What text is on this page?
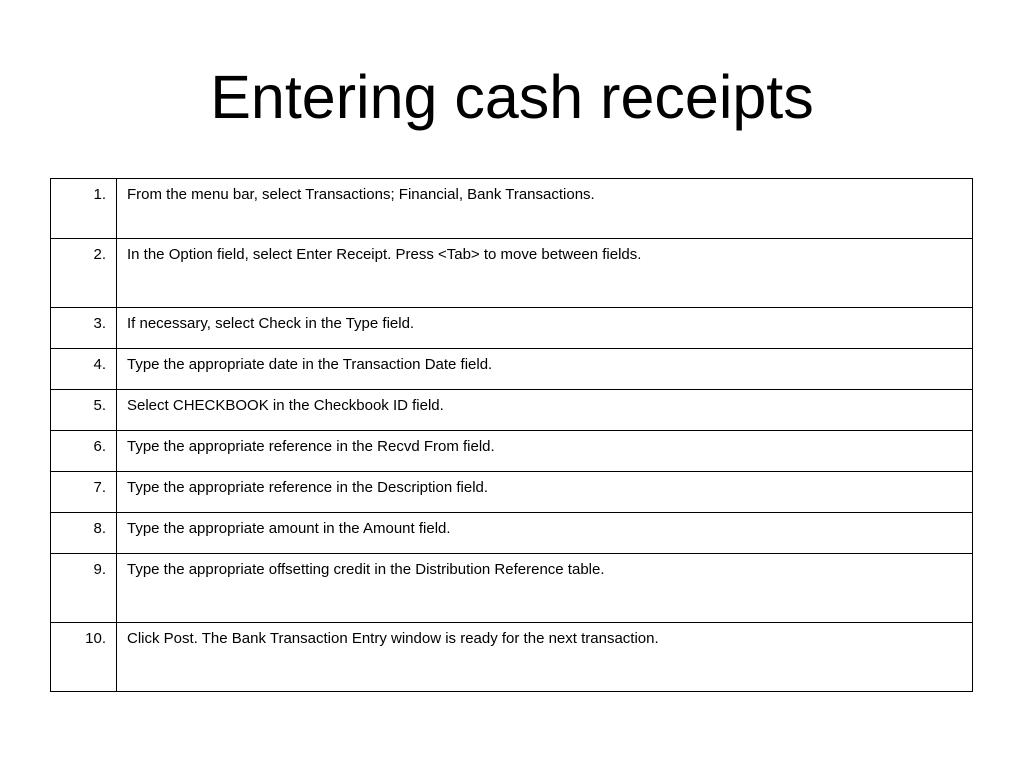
Entering cash receipts
1.	From the menu bar, select Transactions; Financial, Bank Transactions.

2.	In the Option field, select Enter Receipt. Press <Tab> to move between fields.

3.	If necessary, select Check in the Type field.

4.	Type the appropriate date in the Transaction Date field.

5.	Select CHECKBOOK in the Checkbook ID field.

6.	Type the appropriate reference in the Recvd From field.

7.	Type the appropriate reference in the Description field.

8.	Type the appropriate amount in the Amount field.

9.	Type the appropriate offsetting credit in the Distribution Reference table.

10.	Click Post. The Bank Transaction Entry window is ready for the next transaction.
